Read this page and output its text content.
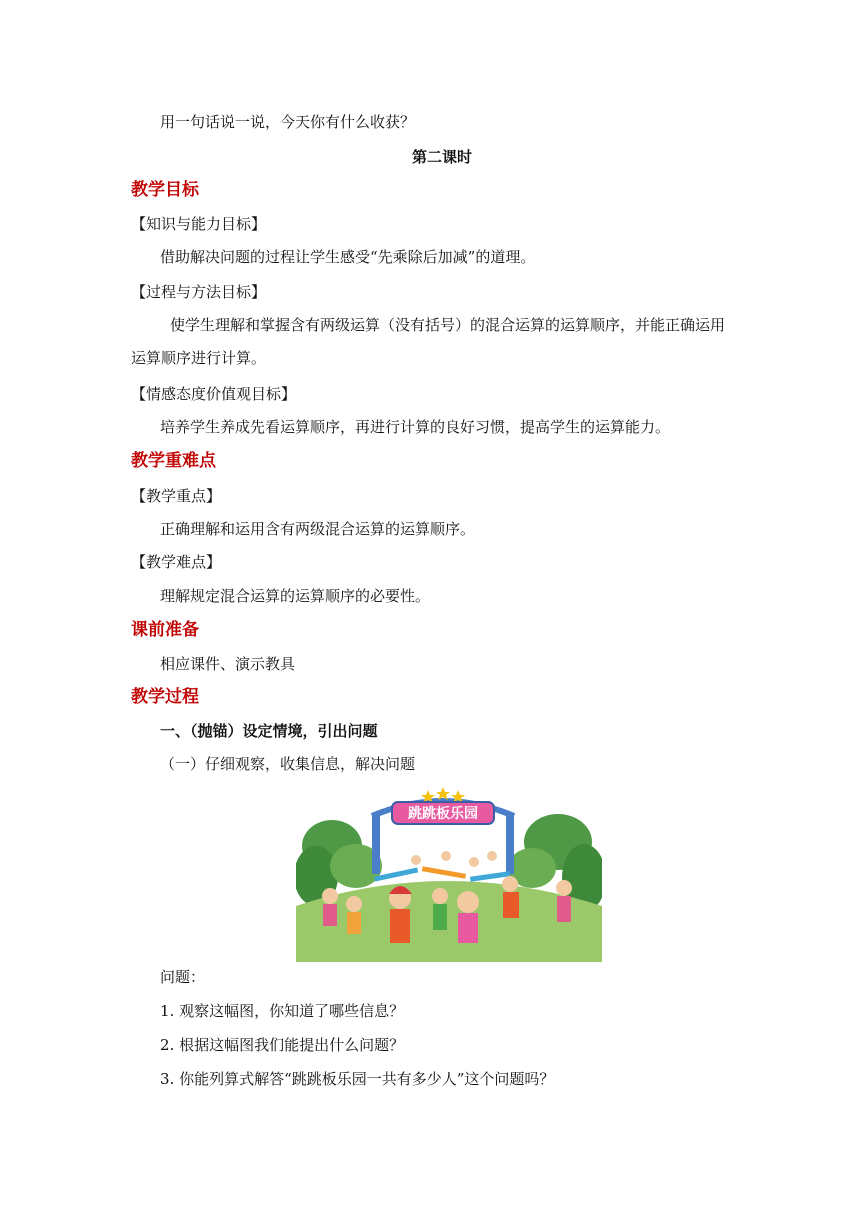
用一句话说一说，今天你有什么收获？
第二课时
教学目标
【知识与能力目标】
借助解决问题的过程让学生感受“先乘除后加减”的道理。
【过程与方法目标】
使学生理解和掌握含有两级运算（没有括号）的混合运算的运算顺序，并能正确运用
运算顺序进行计算。
【情感态度价值观目标】
培养学生养成先看运算顺序，再进行计算的良好习惯，提高学生的运算能力。
教学重难点
【教学重点】
正确理解和运用含有两级混合运算的运算顺序。
【教学难点】
理解规定混合运算的运算顺序的必要性。
课前准备
相应课件、演示教具
教学过程
一、（抛锚）设定情境，引出问题
（一）仔细观察，收集信息，解决问题
跳跳板乐园
问题：
1. 观察这幅图，你知道了哪些信息？
2. 根据这幅图我们能提出什么问题？
3. 你能列算式解答“跳跳板乐园一共有多少人”这个问题吗？
